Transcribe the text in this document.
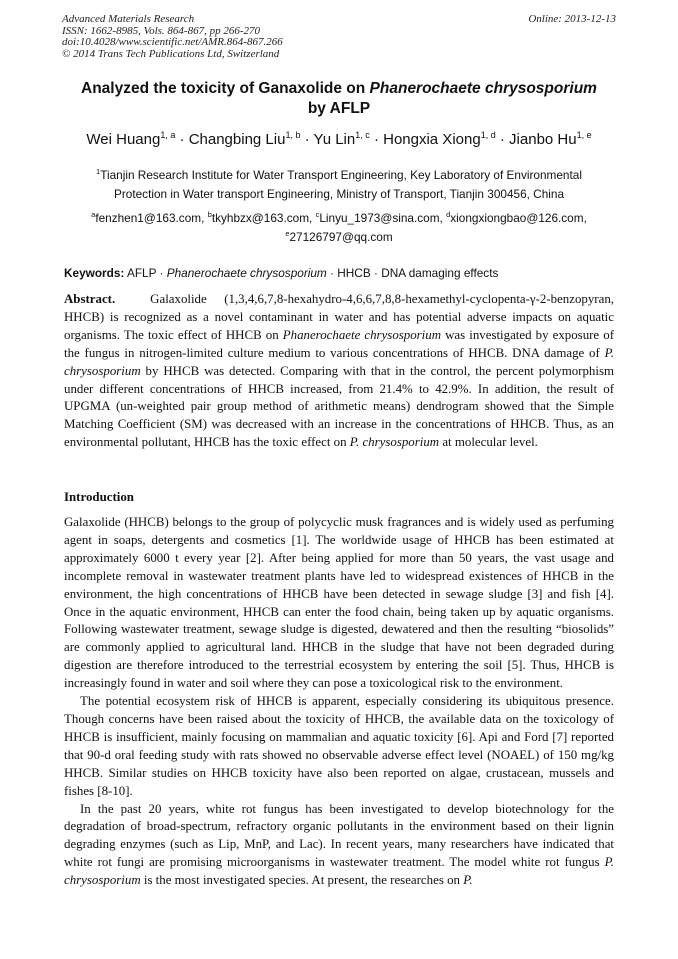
Advanced Materials Research
ISSN: 1662-8985, Vols. 864-867, pp 266-270
doi:10.4028/www.scientific.net/AMR.864-867.266
© 2014 Trans Tech Publications Ltd, Switzerland
Online: 2013-12-13
Analyzed the toxicity of Ganaxolide on Phanerochaete chrysosporium
by AFLP
Wei Huang$^{1, a}$ · Changbing Liu$^{1, b}$ · Yu Lin$^{1, c}$ · Hongxia Xiong$^{1, d}$ · Jianbo Hu$^{1, e}$
$^1$Tianjin Research Institute for Water Transport Engineering, Key Laboratory of Environmental
Protection in Water transport Engineering, Ministry of Transport, Tianjin 300456, China
$^a$fenzhen1@163.com, $^b$tkyhbzx@163.com, $^c$Linyu_1973@sina.com, $^d$xiongxiongbao@126.com,
$^e$27126797@qq.com
Keywords: AFLP · Phanerochaete chrysosporium · HHCB · DNA damaging effects

Abstract.	Galaxolide (1,3,4,6,7,8-hexahydro-4,6,6,7,8,8-hexamethyl-cyclopenta-γ-2-benzopyran, HHCB) is recognized as a novel contaminant in water and has potential adverse impacts on aquatic organisms. The toxic effect of HHCB on Phanerochaete chrysosporium was investigated by exposure of the fungus in nitrogen-limited culture medium to various concentrations of HHCB. DNA damage of P. chrysosporium by HHCB was detected. Comparing with that in the control, the percent polymorphism under different concentrations of HHCB increased, from 21.4% to 42.9%. In addition, the result of UPGMA (un-weighted pair group method of arithmetic means) dendrogram showed that the Simple Matching Coefficient (SM) was decreased with an increase in the concentrations of HHCB. Thus, as an environmental pollutant, HHCB has the toxic effect on P. chrysosporium at molecular level.

Introduction

Galaxolide (HHCB) belongs to the group of polycyclic musk fragrances and is widely used as perfuming agent in soaps, detergents and cosmetics [1]. The worldwide usage of HHCB has been estimated at approximately 6000 t every year [2]. After being applied for more than 50 years, the vast usage and incomplete removal in wastewater treatment plants have led to widespread existences of HHCB in the environment, the high concentrations of HHCB have been detected in sewage sludge [3] and fish [4]. Once in the aquatic environment, HHCB can enter the food chain, being taken up by aquatic organisms. Following wastewater treatment, sewage sludge is digested, dewatered and then the resulting “biosolids” are commonly applied to agricultural land. HHCB in the sludge that have not been degraded during digestion are therefore introduced to the terrestrial ecosystem by entering the soil [5]. Thus, HHCB is increasingly found in water and soil where they can pose a toxicological risk to the environment.

The potential ecosystem risk of HHCB is apparent, especially considering its ubiquitous presence. Though concerns have been raised about the toxicity of HHCB, the available data on the toxicology of HHCB is insufficient, mainly focusing on mammalian and aquatic toxicity [6]. Api and Ford [7] reported that 90-d oral feeding study with rats showed no observable adverse effect level (NOAEL) of 150 mg/kg HHCB. Similar studies on HHCB toxicity have also been reported on algae, crustacean, mussels and fishes [8-10].

In the past 20 years, white rot fungus has been investigated to develop biotechnology for the degradation of broad-spectrum, refractory organic pollutants in the environment based on their lignin degrading enzymes (such as Lip, MnP, and Lac). In recent years, many researchers have indicated that white rot fungi are promising microorganisms in wastewater treatment. The model white rot fungus P. chrysosporium is the most investigated species. At present, the researches on P.
